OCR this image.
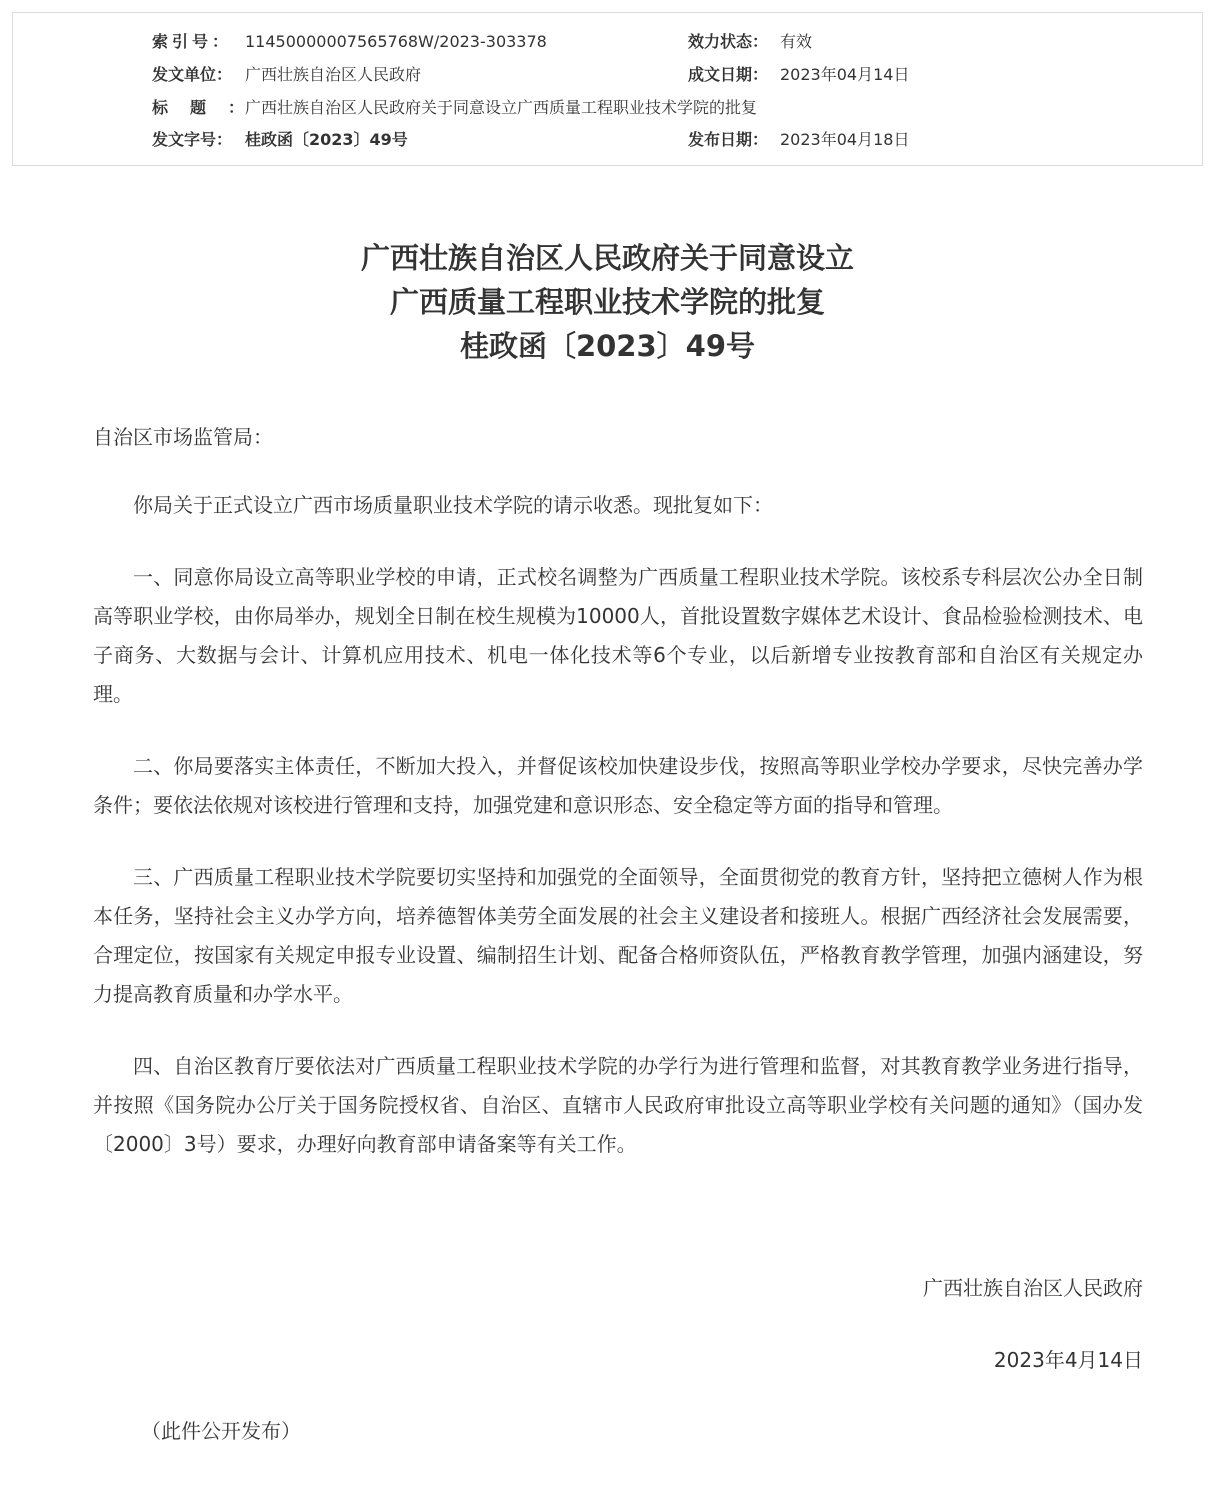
索引号： 11450000007565768W/2023-303378	效力状态： 有效
发文单位： 广西壮族自治区人民政府	成文日期： 2023年04月14日
标题：
广西壮族自治区人民政府关于同意设立广西质量工程职业技术学院的批复
发文字号： 桂政函〔2023〕49号	发布日期： 2023年04月18日
广西壮族自治区人民政府关于同意设立
广西质量工程职业技术学院的批复
桂政函〔2023〕49号
自治区市场监管局：

你局关于正式设立广西市场质量职业技术学院的请示收悉。现批复如下：

一、同意你局设立高等职业学校的申请，正式校名调整为广西质量工程职业技术学院。该校系专科层次公办全日制高等职业学校，由你局举办，规划全日制在校生规模为10000人，首批设置数字媒体艺术设计、食品检验检测技术、电子商务、大数据与会计、计算机应用技术、机电一体化技术等6个专业，以后新增专业按教育部和自治区有关规定办理。

二、你局要落实主体责任，不断加大投入，并督促该校加快建设步伐，按照高等职业学校办学要求，尽快完善办学条件；要依法依规对该校进行管理和支持，加强党建和意识形态、安全稳定等方面的指导和管理。

三、广西质量工程职业技术学院要切实坚持和加强党的全面领导，全面贯彻党的教育方针，坚持把立德树人作为根本任务，坚持社会主义办学方向，培养德智体美劳全面发展的社会主义建设者和接班人。根据广西经济社会发展需要，合理定位，按国家有关规定申报专业设置、编制招生计划、配备合格师资队伍，严格教育教学管理，加强内涵建设，努力提高教育质量和办学水平。

四、自治区教育厅要依法对广西质量工程职业技术学院的办学行为进行管理和监督，对其教育教学业务进行指导，并按照《国务院办公厅关于国务院授权省、自治区、直辖市人民政府审批设立高等职业学校有关问题的通知》（国办发〔2000〕3号）要求，办理好向教育部申请备案等有关工作。

广西壮族自治区人民政府
2023年4月14日
（此件公开发布）
